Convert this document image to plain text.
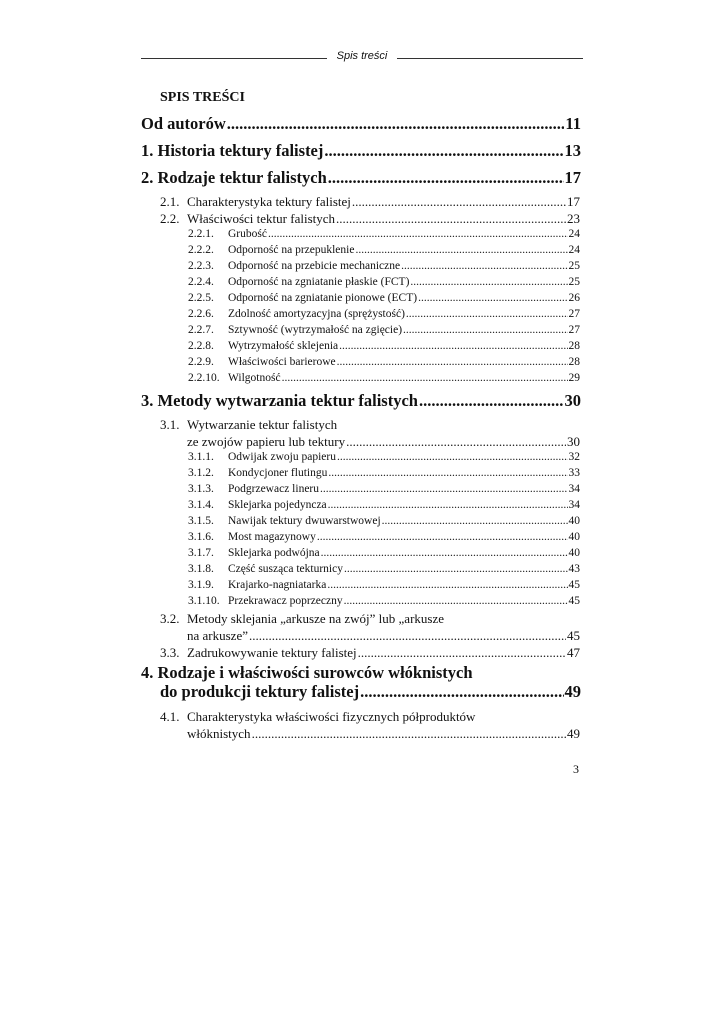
Spis treści
SPIS TREŚCI
Od autorów .....	11
1. Historia tektury falistej .....	13
2. Rodzaje tektur falistych .....	17
2.1. Charakterystyka tektury falistej .....	17
2.2. Właściwości tektur falistych .....	23
2.2.1.	Grubość .....	24
2.2.2.	Odporność na przepuklenie .....	24
2.2.3.	Odporność na przebicie mechaniczne .....	25
2.2.4.	Odporność na zgniatanie płaskie (FCT) .....	25
2.2.5.	Odporność na zgniatanie pionowe (ECT) .....	26
2.2.6.	Zdolność amortyzacyjna (sprężystość) .....	27
2.2.7.	Sztywność (wytrzymałość na zgięcie) .....	27
2.2.8.	Wytrzymałość sklejenia .....	28
2.2.9.	Właściwości barierowe .....	28
2.2.10. Wilgotność .....	29
3. Metody wytwarzania tektur falistych .....	30
3.1. Wytwarzanie tektur falistych
ze zwojów papieru lub tektury .....	30
3.1.1.	Odwijak zwoju papieru .....	32
3.1.2.	Kondycjoner flutingu .....	33
3.1.3.	Podgrzewacz lineru .....	34
3.1.4.	Sklejarka pojedyncza .....	34
3.1.5.	Nawijak tektury dwuwarstwowej .....	40
3.1.6.	Most magazynowy .....	40
3.1.7.	Sklejarka podwójna .....	40
3.1.8.	Część susząca tekturnicy .....	43
3.1.9.	Krajarko-nagniatarka .....	45
3.1.10. Przekrawacz poprzeczny .....	45
3.2. Metody sklejania „arkusze na zwój” lub „arkusze
na arkusze” .....	45
3.3. Zadrukowywanie tektury falistej .....	47
4. Rodzaje i właściwości surowców włóknistych
do produkcji tektury falistej .....	49
4.1. Charakterystyka właściwości fizycznych półproduktów
włóknistych .....	49
3
